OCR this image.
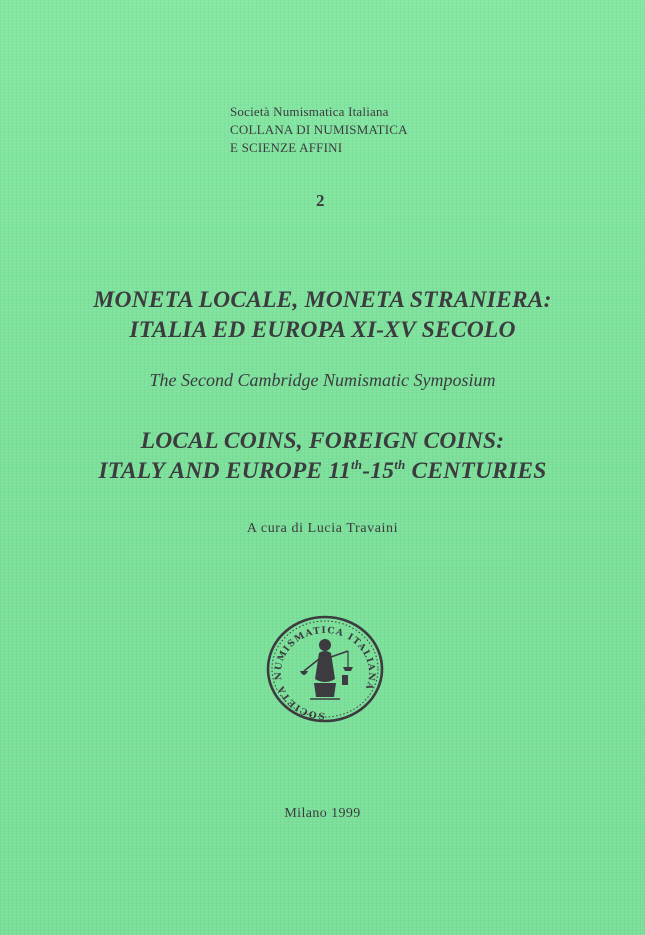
Società Numismatica Italiana
COLLANA DI NUMISMATICA
E SCIENZE AFFINI
2
MONETA LOCALE, MONETA STRANIERA:
ITALIA ED EUROPA XI-XV SECOLO
The Second Cambridge Numismatic Symposium
LOCAL COINS, FOREIGN COINS:
ITALY AND EUROPE 11th-15th CENTURIES
A cura di Lucia Travaini
SOCIETA NUMISMATICA ITALIANA
Milano 1999
